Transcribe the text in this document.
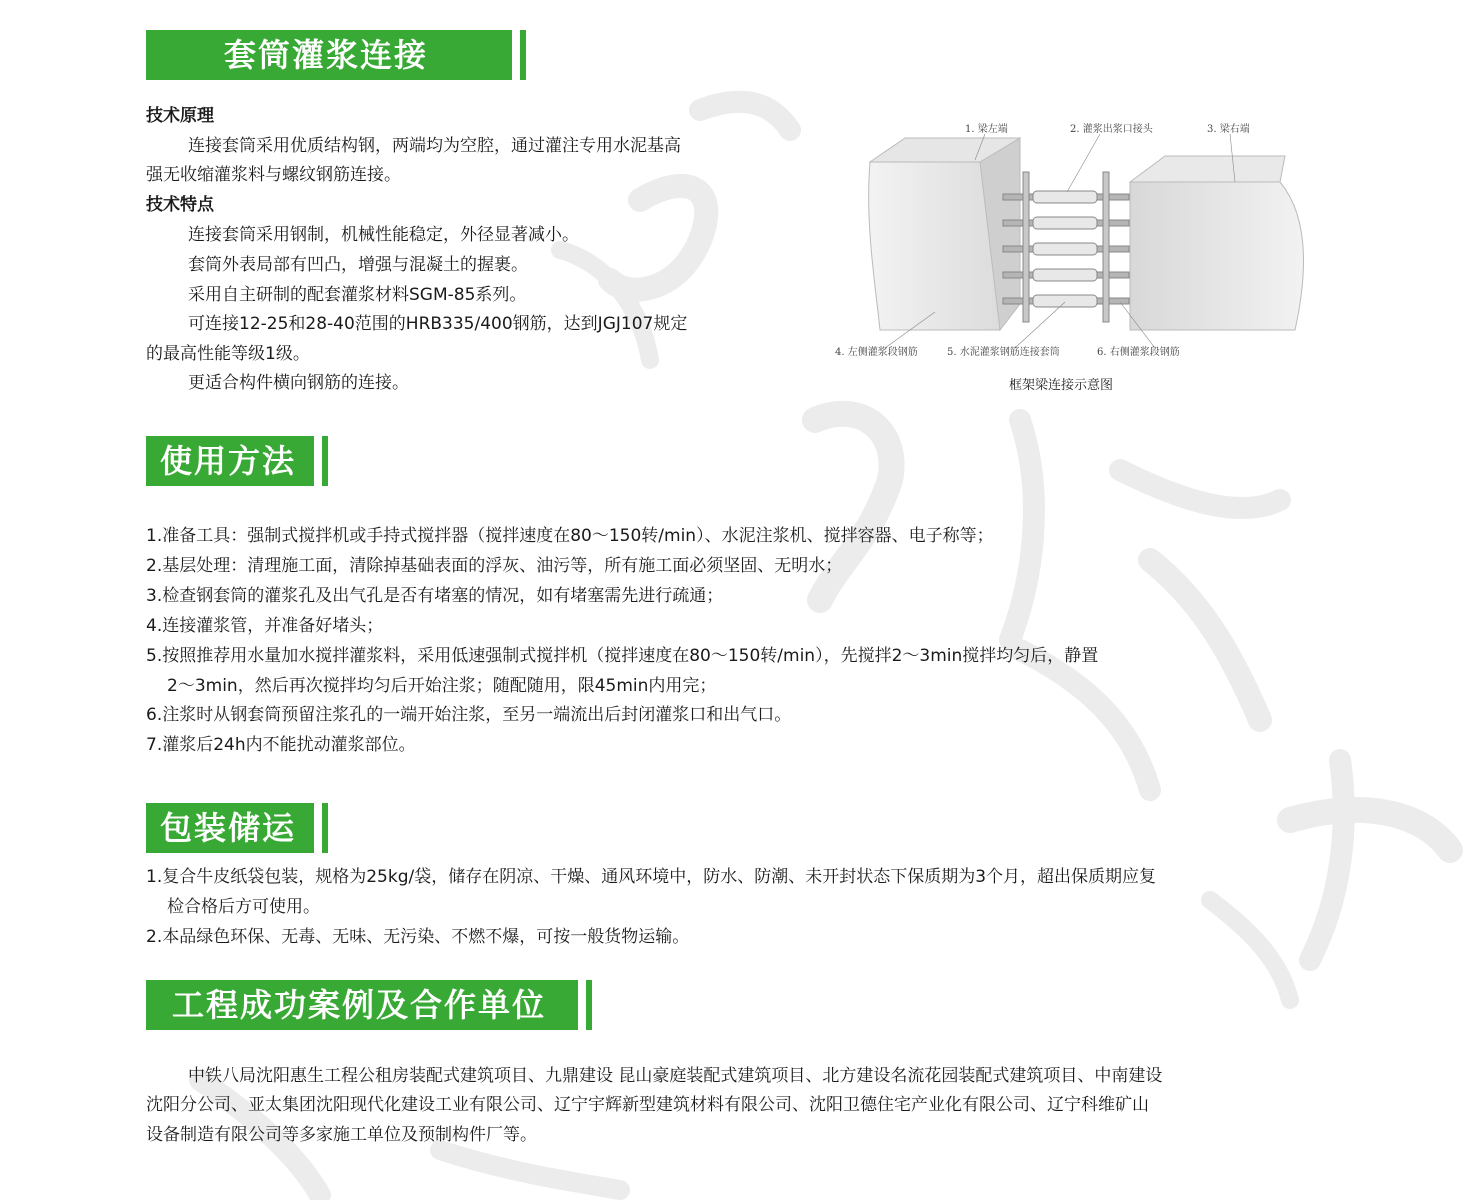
套筒灌浆连接
技术原理
连接套筒采用优质结构钢，两端均为空腔，通过灌注专用水泥基高
强无收缩灌浆料与螺纹钢筋连接。
技术特点
连接套筒采用钢制，机械性能稳定，外径显著减小。
套筒外表局部有凹凸，增强与混凝土的握裹。
采用自主研制的配套灌浆材料SGM-85系列。
可连接12-25和28-40范围的HRB335/400钢筋，达到JGJ107规定
的最高性能等级1级。
更适合构件横向钢筋的连接。
1. 梁左端	2. 灌浆出浆口接头	3. 梁右端
4. 左侧灌浆段钢筋	5. 水泥灌浆钢筋连接套筒	6. 右侧灌浆段钢筋
框架梁连接示意图
使用方法
1.准备工具：强制式搅拌机或手持式搅拌器（搅拌速度在80～150转/min）、水泥注浆机、搅拌容器、电子称等；
2.基层处理：清理施工面，清除掉基础表面的浮灰、油污等，所有施工面必须坚固、无明水；
3.检查钢套筒的灌浆孔及出气孔是否有堵塞的情况，如有堵塞需先进行疏通；
4.连接灌浆管，并准备好堵头；
5.按照推荐用水量加水搅拌灌浆料，采用低速强制式搅拌机（搅拌速度在80～150转/min），先搅拌2～3min搅拌均匀后，静置
2～3min，然后再次搅拌均匀后开始注浆；随配随用，限45min内用完；
6.注浆时从钢套筒预留注浆孔的一端开始注浆，至另一端流出后封闭灌浆口和出气口。
7.灌浆后24h内不能扰动灌浆部位。
包装储运
1.复合牛皮纸袋包装，规格为25kg/袋，储存在阴凉、干燥、通风环境中，防水、防潮、未开封状态下保质期为3个月，超出保质期应复
检合格后方可使用。
2.本品绿色环保、无毒、无味、无污染、不燃不爆，可按一般货物运输。
工程成功案例及合作单位
中铁八局沈阳惠生工程公租房装配式建筑项目、九鼎建设 昆山豪庭装配式建筑项目、北方建设名流花园装配式建筑项目、中南建设
沈阳分公司、亚太集团沈阳现代化建设工业有限公司、辽宁宇辉新型建筑材料有限公司、沈阳卫德住宅产业化有限公司、辽宁科维矿山
设备制造有限公司等多家施工单位及预制构件厂等。
